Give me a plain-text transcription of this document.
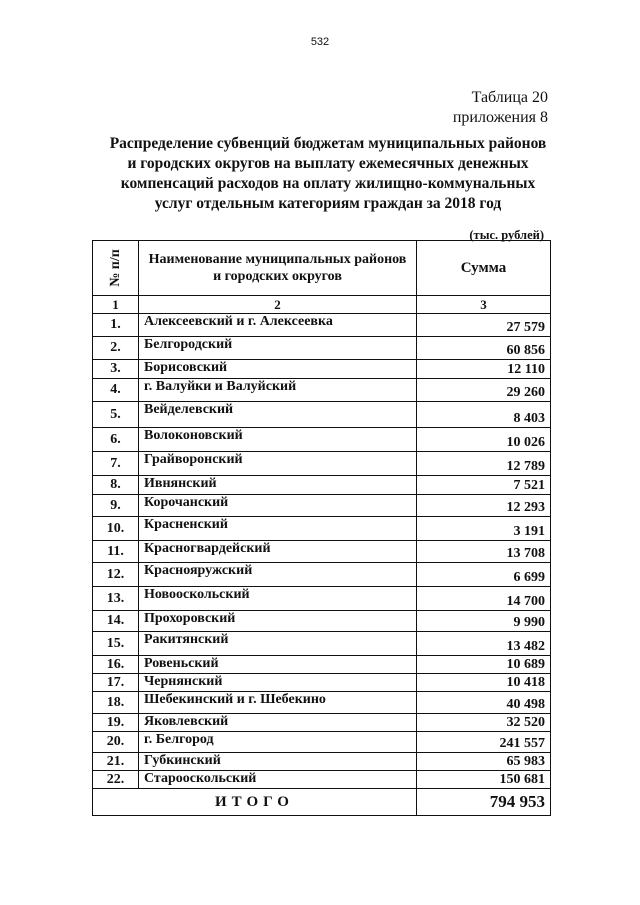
532
Таблица 20
приложения 8
Распределение субвенций бюджетам муниципальных районов
и городских округов на выплату ежемесячных денежных
компенсаций расходов на оплату жилищно-коммунальных
услуг отдельным категориям граждан за 2018 год
(тыс. рублей)
№ п/п	Наименование муниципальных районов и городских округов	Сумма
1	2	3
1.	Алексеевский и г. Алексеевка	27 579
2.	Белгородский	60 856
3.	Борисовский	12 110
4.	г. Валуйки и Валуйский	29 260
5.	Вейделевский	8 403
6.	Волоконовский	10 026
7.	Грайворонский	12 789
8.	Ивнянский	7 521
9.	Корочанский	12 293
10.	Красненский	3 191
11.	Красногвардейский	13 708
12.	Краснояружский	6 699
13.	Новооскольский	14 700
14.	Прохоровский	9 990
15.	Ракитянский	13 482
16.	Ровеньский	10 689
17.	Чернянский	10 418
18.	Шебекинский и г. Шебекино	40 498
19.	Яковлевский	32 520
20.	г. Белгород	241 557
21.	Губкинский	65 983
22.	Старооскольский	150 681
ИТОГО		794 953
